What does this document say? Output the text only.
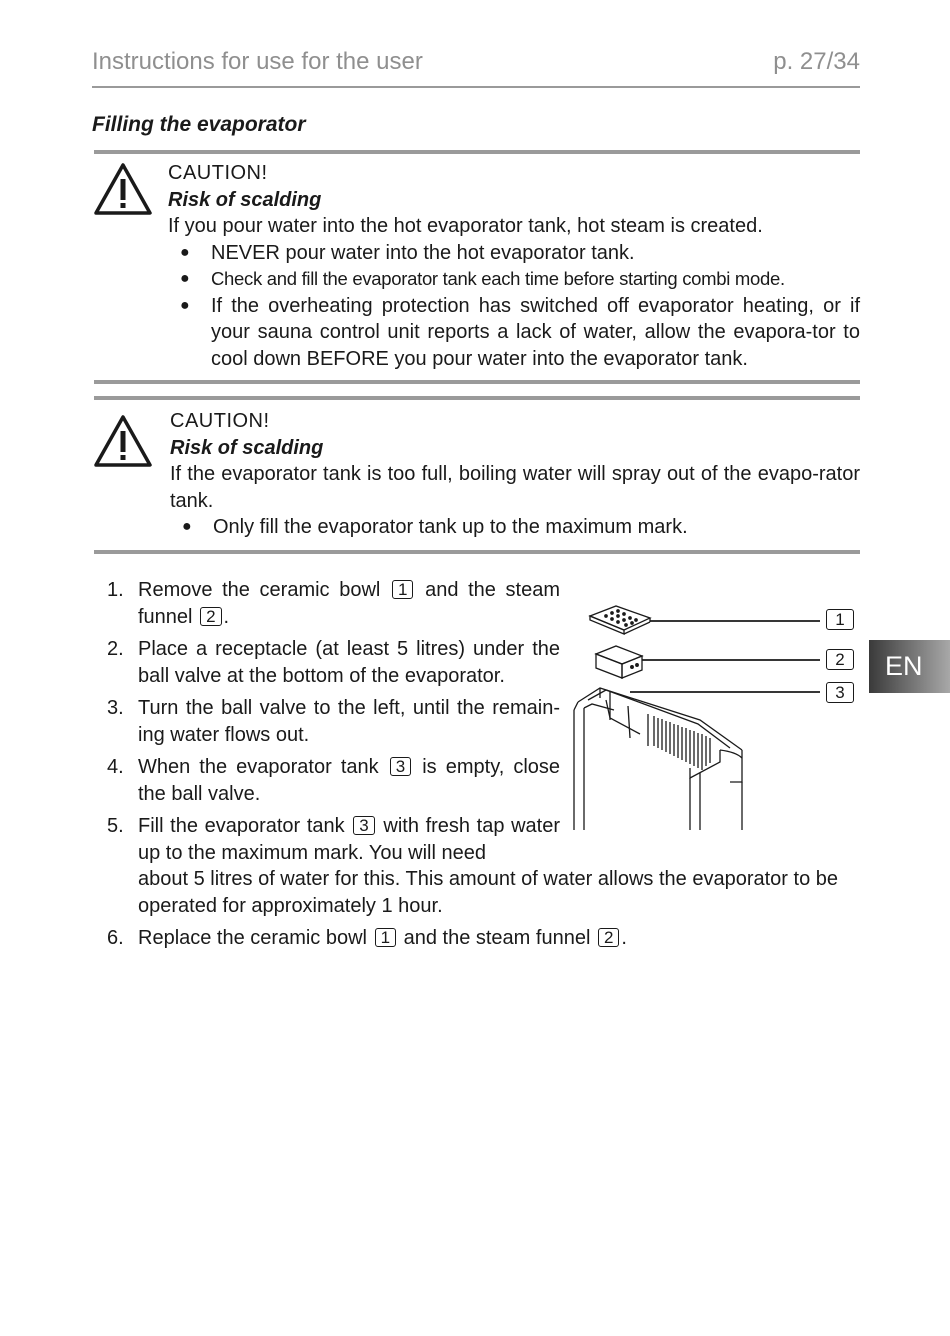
Instructions for use for the user	p. 27/34
Filling the evaporator
CAUTION!
Risk of scalding
If you pour water into the hot evaporator tank, hot steam is created.
● NEVER pour water into the hot evaporator tank.
● Check and fill the evaporator tank each time before starting combi mode.
● If the overheating protection has switched off evaporator heating, or if your sauna control unit reports a lack of water, allow the evapora-tor to cool down BEFORE you pour water into the evaporator tank.
CAUTION!
Risk of scalding
If the evaporator tank is too full, boiling water will spray out of the evapo-rator tank.
● Only fill the evaporator tank up to the maximum mark.
1. Remove the ceramic bowl 1 and the steam funnel 2 .
2. Place a receptacle (at least 5 litres) under the ball valve at the bottom of the evaporator.
3. Turn the ball valve to the left, until the remain-ing water flows out.
4. When the evaporator tank 3 is empty, close the ball valve.
5. Fill the evaporator tank 3 with fresh tap water up to the maximum mark. You will need
about 5 litres of water for this. This amount of water allows the evaporator to be operated for approximately 1 hour.
6. Replace the ceramic bowl 1 and the steam funnel 2 .
1
2
3
EN
